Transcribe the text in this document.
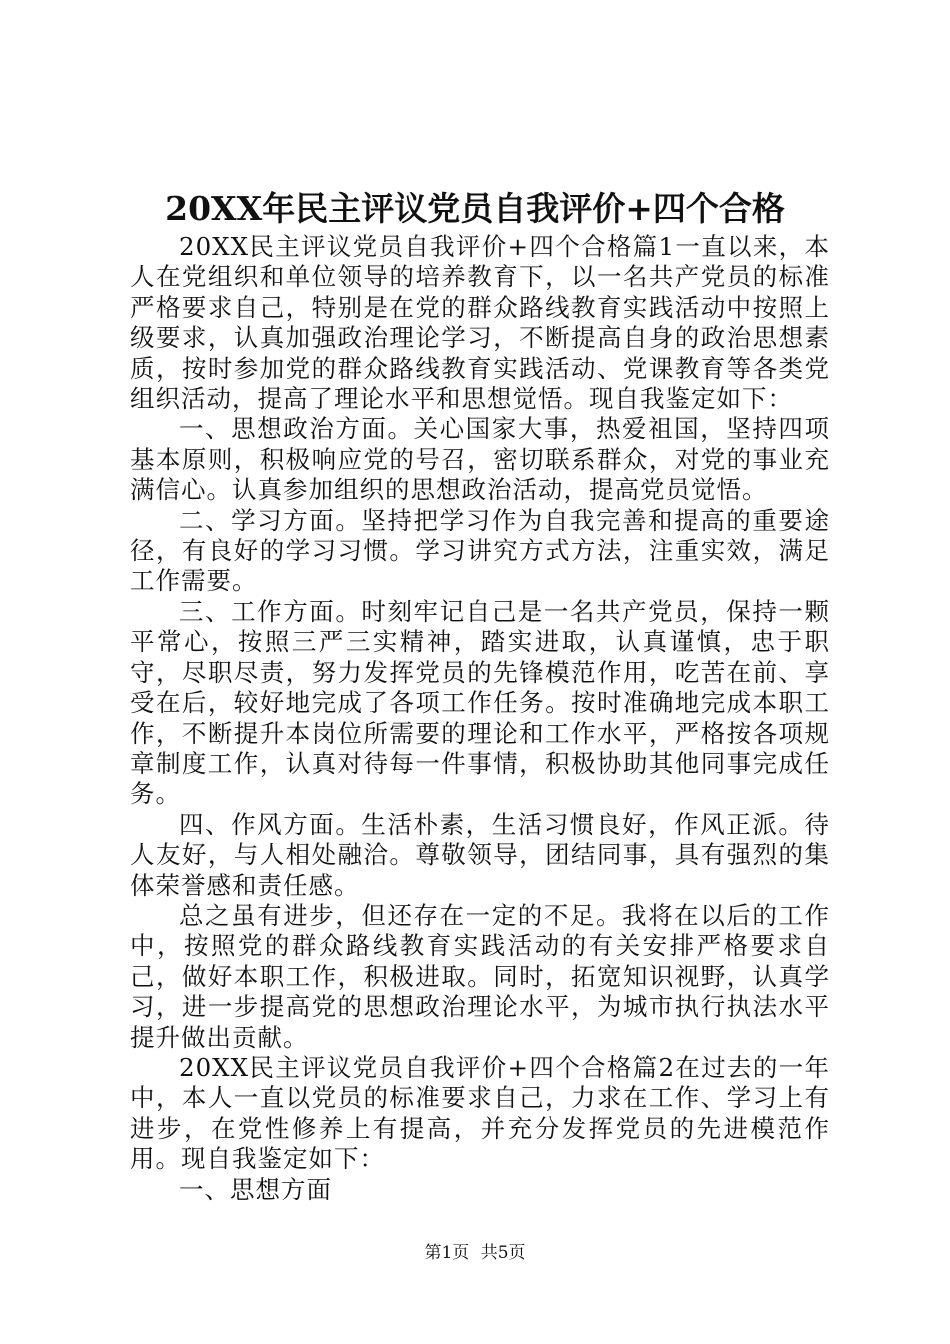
20XX年民主评议党员自我评价+四个合格

20XX民主评议党员自我评价+四个合格篇1一直以来，本人在党组织和单位领导的培养教育下，以一名共产党员的标准严格要求自己，特别是在党的群众路线教育实践活动中按照上级要求，认真加强政治理论学习，不断提高自身的政治思想素质，按时参加党的群众路线教育实践活动、党课教育等各类党组织活动，提高了理论水平和思想觉悟。现自我鉴定如下：

一、思想政治方面。关心国家大事，热爱祖国，坚持四项基本原则，积极响应党的号召，密切联系群众，对党的事业充满信心。认真参加组织的思想政治活动，提高党员觉悟。

二、学习方面。坚持把学习作为自我完善和提高的重要途径，有良好的学习习惯。学习讲究方式方法，注重实效，满足工作需要。

三、工作方面。时刻牢记自己是一名共产党员，保持一颗平常心，按照三严三实精神，踏实进取，认真谨慎，忠于职守，尽职尽责，努力发挥党员的先锋模范作用，吃苦在前、享受在后，较好地完成了各项工作任务。按时准确地完成本职工作，不断提升本岗位所需要的理论和工作水平，严格按各项规章制度工作，认真对待每一件事情，积极协助其他同事完成任务。

四、作风方面。生活朴素，生活习惯良好，作风正派。待人友好，与人相处融洽。尊敬领导，团结同事，具有强烈的集体荣誉感和责任感。

总之虽有进步，但还存在一定的不足。我将在以后的工作中，按照党的群众路线教育实践活动的有关安排严格要求自己，做好本职工作，积极进取。同时，拓宽知识视野，认真学习，进一步提高党的思想政治理论水平，为城市执行执法水平提升做出贡献。

20XX民主评议党员自我评价+四个合格篇2在过去的一年中，本人一直以党员的标准要求自己，力求在工作、学习上有进步，在党性修养上有提高，并充分发挥党员的先进模范作用。现自我鉴定如下：

一、思想方面

第1页 共5页
